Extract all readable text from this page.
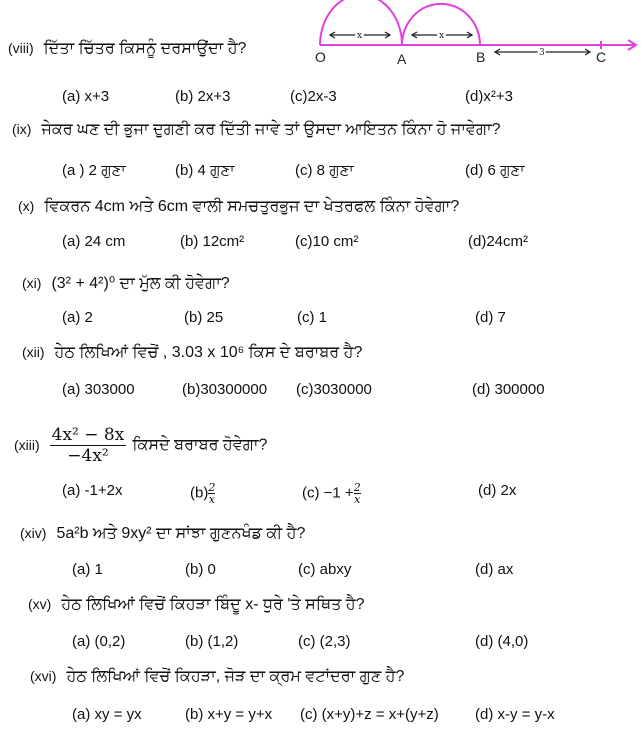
x	x
3
O	A	B	C
(viii) ਦਿੱਤਾ ਚਿੱਤਰ ਕਿਸਨੂੰ ਦਰਸਾਉਂਦਾ ਹੈ?
(a) x+3	(b) 2x+3	(c)2x-3	(d)x²+3
(ix) ਜੇਕਰ ਘਣ ਦੀ ਭੁਜਾ ਦੁਗਣੀ ਕਰ ਦਿੱਤੀ ਜਾਵੇ ਤਾਂ ਉਸਦਾ ਆਇਤਨ ਕਿੰਨਾ ਹੋ ਜਾਵੇਗਾ?
(a ) 2 ਗੁਣਾ	(b) 4 ਗੁਣਾ	(c) 8 ਗੁਣਾ	(d) 6 ਗੁਣਾ
(x) ਵਿਕਰਨ 4cm ਅਤੇ 6cm ਵਾਲੀ ਸਮਚਤੁਰਭੁਜ ਦਾ ਖੇਤਰਫਲ ਕਿੰਨਾ ਹੋਵੇਗਾ?
(a) 24 cm	(b) 12cm²	(c)10 cm²	(d)24cm²
(xi) (3² + 4²)⁰ ਦਾ ਮੁੱਲ ਕੀ ਹੋਵੇਗਾ?
(a) 2	(b) 25	(c) 1	(d) 7
(xii) ਹੇਠ ਲਿਖਿਆਂ ਵਿਚੋਂ , 3.03 x 10⁶ ਕਿਸ ਦੇ ਬਰਾਬਰ ਹੈ?
(a) 303000	(b)30300000 (c)3030000	(d) 300000
(xiii) $\frac{\text{4x² − 8x}}{\text{−4x²}}$ ਕਿਸਦੇ ਬਰਾਬਰ ਹੋਵੇਗਾ?
(a) -1+2x	$(b) \frac{2}{x}$	$(c) -1 + \frac{2}{x}$	(d) 2x
(xiv) 5a²b ਅਤੇ 9xy² ਦਾ ਸਾਂਝਾ ਗੁਣਨਖੰਡ ਕੀ ਹੈ?
(a) 1	(b) 0	(c) abxy	(d) ax
(xv) ਹੇਠ ਲਿਖਿਆਂ ਵਿਚੋਂ ਕਿਹੜਾ ਬਿੰਦੂ x- ਧੁਰੇ 'ਤੇ ਸਥਿਤ ਹੈ?
(a) (0,2)	(b) (1,2)	(c) (2,3)	(d) (4,0)
(xvi) ਹੇਠ ਲਿਖਿਆਂ ਵਿਚੋਂ ਕਿਹੜਾ, ਜੋੜ ਦਾ ਕ੍ਰਮ ਵਟਾਂਦਰਾ ਗੁਣ ਹੈ?
(a) xy = yx	(b) x+y = y+x (c) (x+y)+z = x+(y+z) (d) x-y = y-x
